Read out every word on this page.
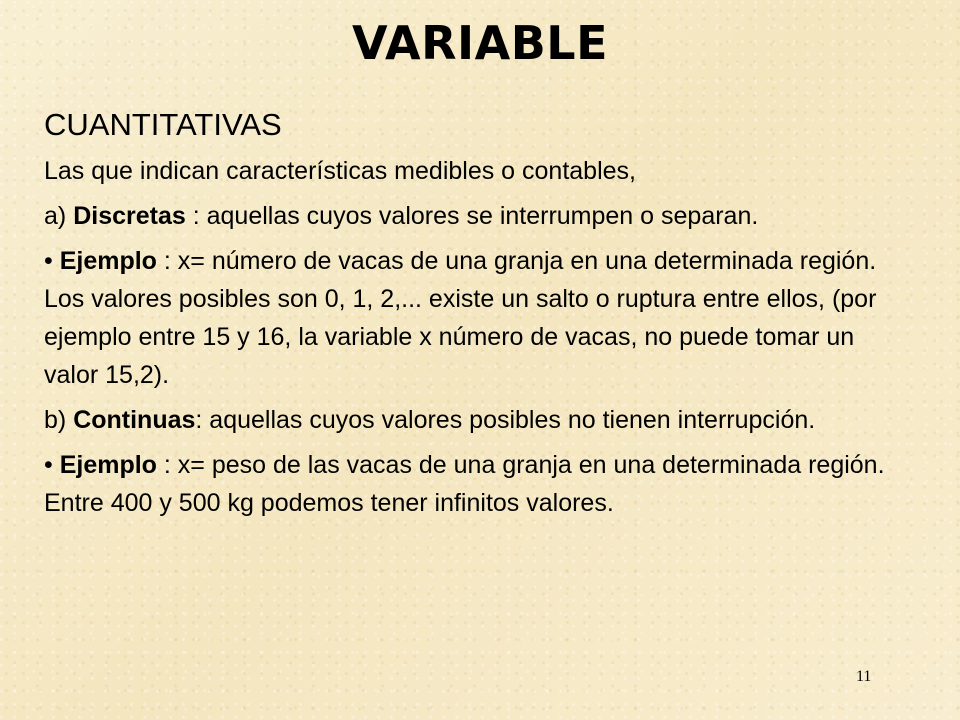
VARIABLE
CUANTITATIVAS
Las que indican características medibles o contables,
a) Discretas : aquellas cuyos valores se interrumpen o separan.
• Ejemplo : x= número de vacas de una granja en una determinada región. Los valores posibles son 0, 1, 2,... existe un salto o ruptura entre ellos, (por ejemplo entre 15 y 16, la variable x número de vacas, no puede tomar un valor 15,2).
b) Continuas: aquellas cuyos valores posibles no tienen interrupción.
• Ejemplo : x= peso de las vacas de una granja en una determinada región. Entre 400 y 500 kg podemos tener infinitos valores.
11
